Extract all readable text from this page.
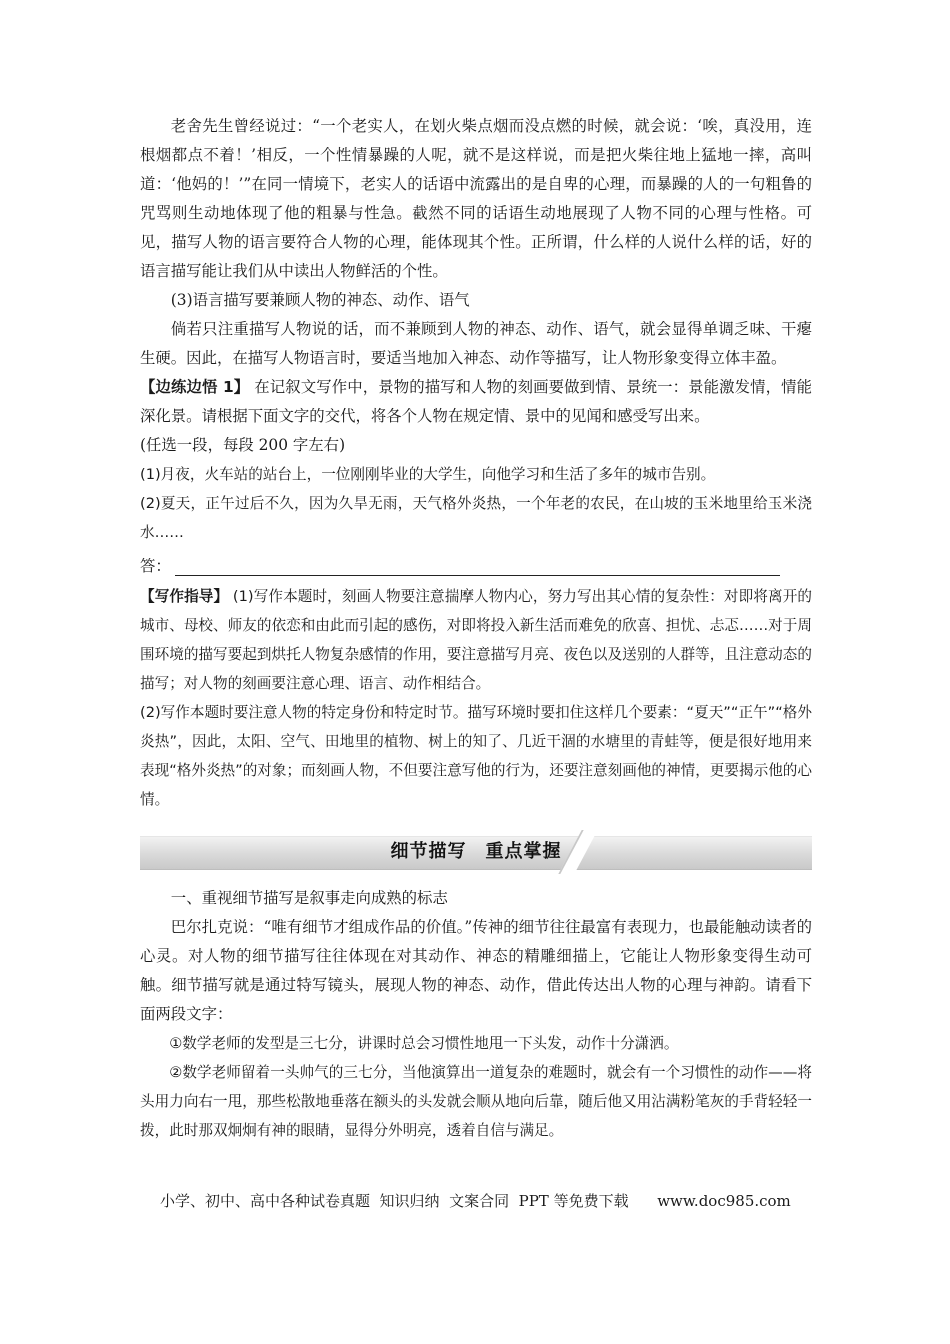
老舍先生曾经说过：“一个老实人，在划火柴点烟而没点燃的时候，就会说：‘唉，真没用，连根烟都点不着！’相反，一个性情暴躁的人呢，就不是这样说，而是把火柴往地上猛地一摔，高叫道：‘他妈的！’”在同一情境下，老实人的话语中流露出的是自卑的心理，而暴躁的人的一句粗鲁的咒骂则生动地体现了他的粗暴与性急。截然不同的话语生动地展现了人物不同的心理与性格。可见，描写人物的语言要符合人物的心理，能体现其个性。正所谓，什么样的人说什么样的话，好的语言描写能让我们从中读出人物鲜活的个性。

(3)语言描写要兼顾人物的神态、动作、语气

倘若只注重描写人物说的话，而不兼顾到人物的神态、动作、语气，就会显得单调乏味、干瘪生硬。因此，在描写人物语言时，要适当地加入神态、动作等描写，让人物形象变得立体丰盈。

【边练边悟 1】 在记叙文写作中，景物的描写和人物的刻画要做到情、景统一：景能激发情，情能深化景。请根据下面文字的交代，将各个人物在规定情、景中的见闻和感受写出来。

(任选一段，每段 200 字左右)

(1)月夜，火车站的站台上，一位刚刚毕业的大学生，向他学习和生活了多年的城市告别。

(2)夏天，正午过后不久，因为久旱无雨，天气格外炎热，一个年老的农民，在山坡的玉米地里给玉米浇水……

答：

【写作指导】 (1)写作本题时，刻画人物要注意揣摩人物内心，努力写出其心情的复杂性：对即将离开的城市、母校、师友的依恋和由此而引起的感伤，对即将投入新生活而难免的欣喜、担忧、忐忑……对于周围环境的描写要起到烘托人物复杂感情的作用，要注意描写月亮、夜色以及送别的人群等，且注意动态的描写；对人物的刻画要注意心理、语言、动作相结合。

(2)写作本题时要注意人物的特定身份和特定时节。描写环境时要扣住这样几个要素：“夏天”“正午”“格外炎热”，因此，太阳、空气、田地里的植物、树上的知了、几近干涸的水塘里的青蛙等，便是很好地用来表现“格外炎热”的对象；而刻画人物，不但要注意写他的行为，还要注意刻画他的神情，更要揭示他的心情。

细节描写　重点掌握

一、重视细节描写是叙事走向成熟的标志

巴尔扎克说：“唯有细节才组成作品的价值。”传神的细节往往最富有表现力，也最能触动读者的心灵。对人物的细节描写往往体现在对其动作、神态的精雕细描上，它能让人物形象变得生动可触。细节描写就是通过特写镜头，展现人物的神态、动作，借此传达出人物的心理与神韵。请看下面两段文字：

①数学老师的发型是三七分，讲课时总会习惯性地甩一下头发，动作十分潇洒。

②数学老师留着一头帅气的三七分，当他演算出一道复杂的难题时，就会有一个习惯性的动作——将头用力向右一甩，那些松散地垂落在额头的头发就会顺从地向后靠，随后他又用沾满粉笔灰的手背轻轻一拨，此时那双炯炯有神的眼睛，显得分外明亮，透着自信与满足。

小学、初中、高中各种试卷真题  知识归纳  文案合同  PPT 等免费下载 www.doc985.com
